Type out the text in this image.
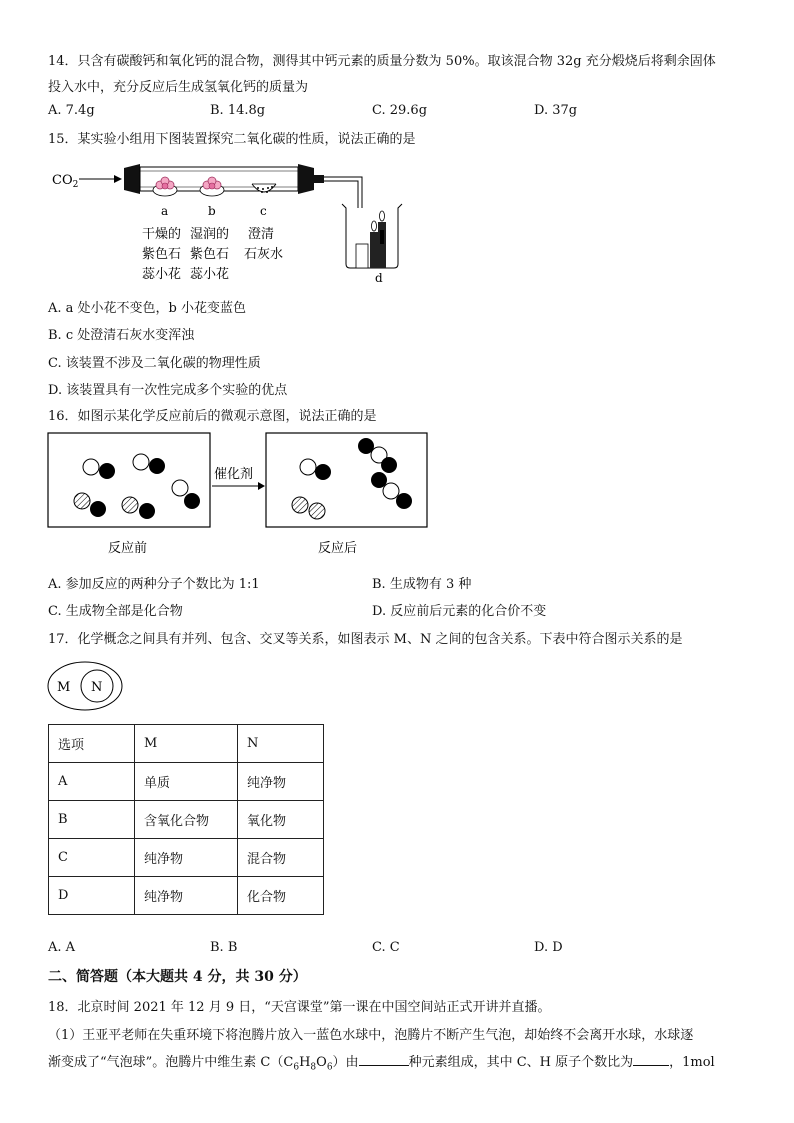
14．只含有碳酸钙和氧化钙的混合物，测得其中钙元素的质量分数为 50%。取该混合物 32g 充分煅烧后将剩余固体
投入水中，充分反应后生成氢氧化钙的质量为
A. 7.4g	B. 14.8g	C. 29.6g	D. 37g
15．某实验小组用下图装置探究二氧化碳的性质，说法正确的是
$CO_2$
a	b	c
干燥的
紫色石
蕊小花
湿润的
紫色石
蕊小花
澄清
石灰水
d
A. a 处小花不变色，b 小花变蓝色
B. c 处澄清石灰水变浑浊
C. 该装置不涉及二氧化碳的物理性质
D. 该装置具有一次性完成多个实验的优点
16．如图示某化学反应前后的微观示意图，说法正确的是
催化剂
反应前	反应后
A. 参加反应的两种分子个数比为 1:1	B. 生成物有 3 种
C. 生成物全部是化合物	D. 反应前后元素的化合价不变
17．化学概念之间具有并列、包含、交叉等关系，如图表示 M、N 之间的包含关系。下表中符合图示关系的是
M N
选项	M	N
A	单质	纯净物
B	含氧化合物	氧化物
C	纯净物	混合物
D	纯净物	化合物
A. A	B. B	C. C	D. D
二、简答题（本大题共 4 分，共 30 分）
18．北京时间 2021 年 12 月 9 日，“天宫课堂”第一课在中国空间站正式开讲并直播。
（1）王亚平老师在失重环境下将泡腾片放入一蓝色水球中，泡腾片不断产生气泡，却始终不会离开水球，水球逐
渐变成了“气泡球”。泡腾片中维生素 $C(C_6H_8O_6)$由	种元素组成，其中 C、H 原子个数比为	，1mol
